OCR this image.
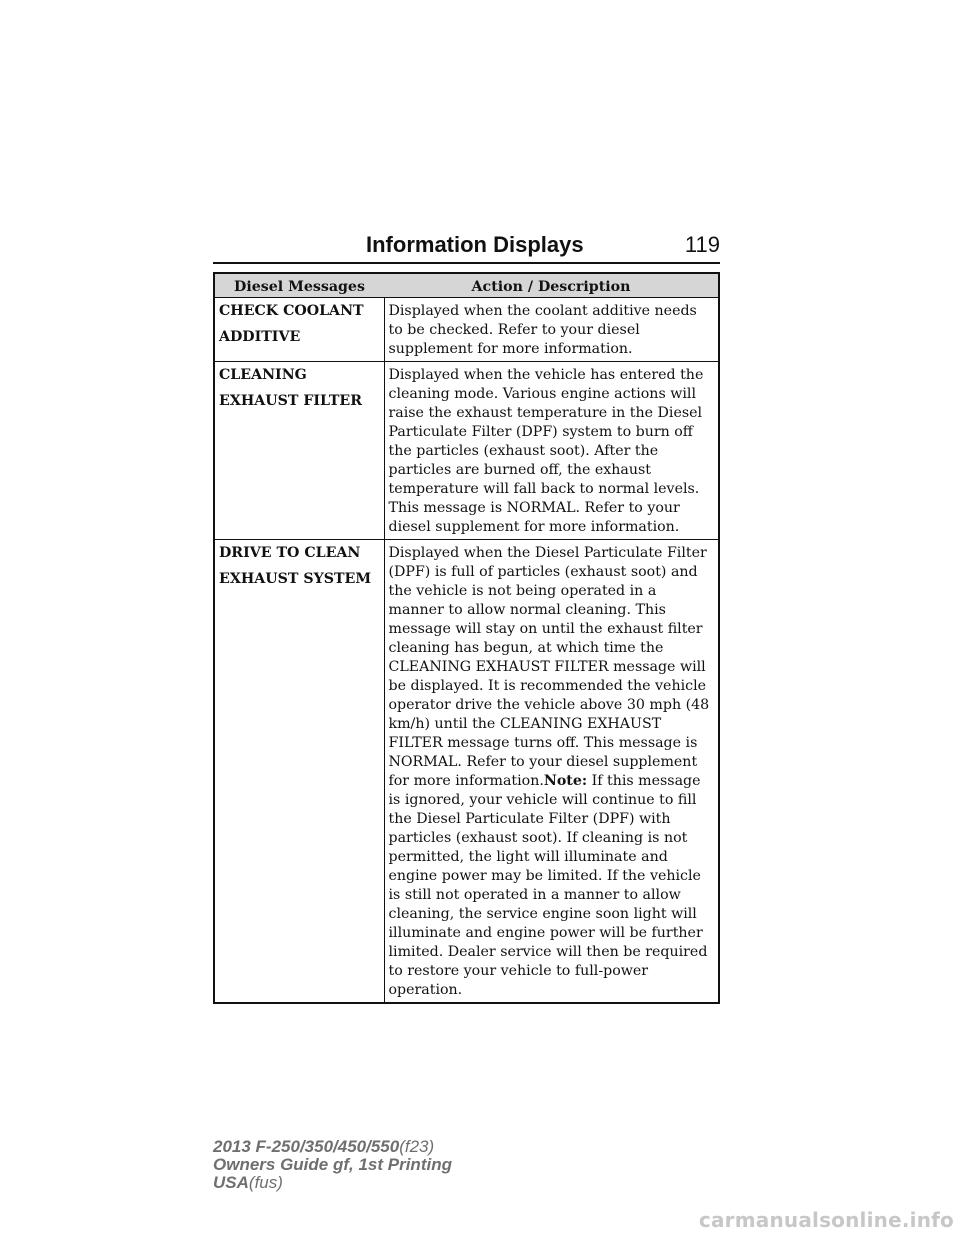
Information Displays	119
Diesel Messages	Action / Description
CHECK COOLANT ADDITIVE	Displayed when the coolant additive needs to be checked. Refer to your diesel supplement for more information.
CLEANING EXHAUST FILTER	Displayed when the vehicle has entered the cleaning mode. Various engine actions will raise the exhaust temperature in the Diesel Particulate Filter (DPF) system to burn off the particles (exhaust soot). After the particles are burned off, the exhaust temperature will fall back to normal levels. This message is NORMAL. Refer to your diesel supplement for more information.
DRIVE TO CLEAN EXHAUST SYSTEM	Displayed when the Diesel Particulate Filter (DPF) is full of particles (exhaust soot) and the vehicle is not being operated in a manner to allow normal cleaning. This message will stay on until the exhaust filter cleaning has begun, at which time the CLEANING EXHAUST FILTER message will be displayed. It is recommended the vehicle operator drive the vehicle above 30 mph (48 km/h) until the CLEANING EXHAUST FILTER message turns off. This message is NORMAL. Refer to your diesel supplement for more information.Note: If this message is ignored, your vehicle will continue to fill the Diesel Particulate Filter (DPF) with particles (exhaust soot). If cleaning is not permitted, the light will illuminate and engine power may be limited. If the vehicle is still not operated in a manner to allow cleaning, the service engine soon light will illuminate and engine power will be further limited. Dealer service will then be required to restore your vehicle to full-power operation.
2013 F-250/350/450/550(f23)
Owners Guide gf, 1st Printing
USA(fus)
carmanualsonline.info
